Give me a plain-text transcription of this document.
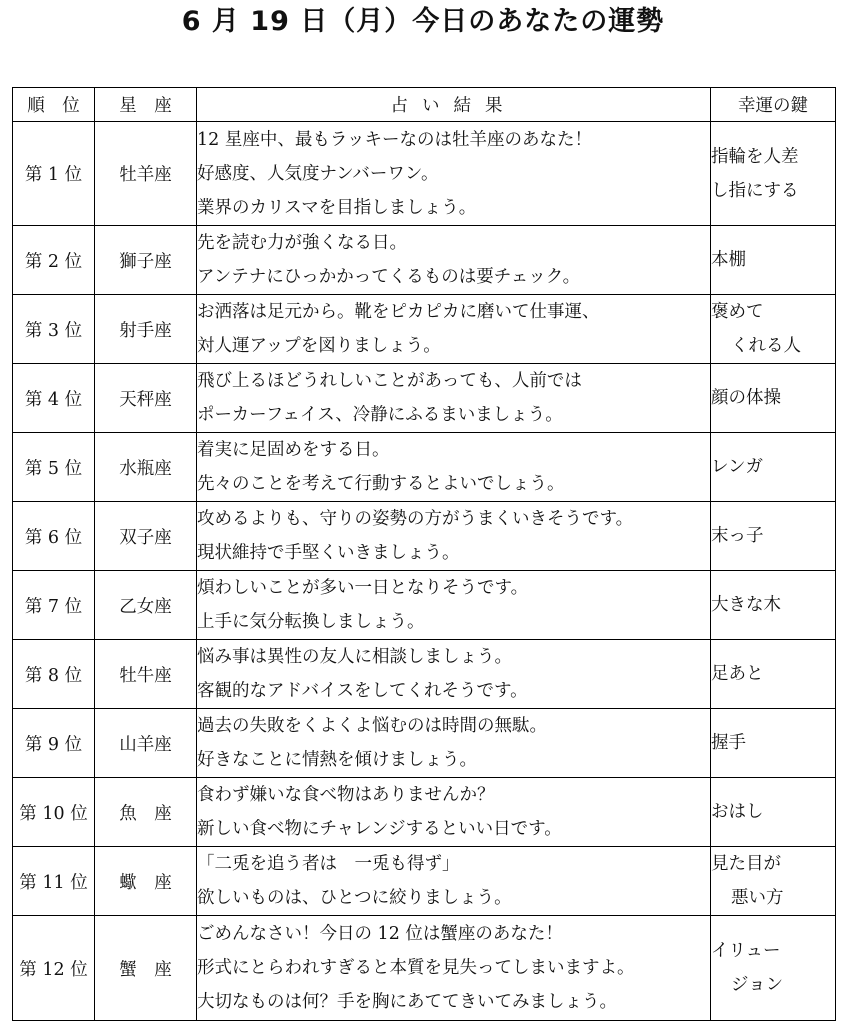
6 月 19 日（月）今日のあなたの運勢
順　位	星　座	占い結果	幸運の鍵
第 1 位	牡羊座	12 星座中、最もラッキーなのは牡羊座のあなた！
好感度、人気度ナンバーワン。
業界のカリスマを目指しましょう。	指輪を人差
し指にする

第 2 位	獅子座	先を読む力が強くなる日。
アンテナにひっかかってくるものは要チェック。	本棚

第 3 位	射手座	お洒落は足元から。靴をピカピカに磨いて仕事運、
対人運アップを図りましょう。	褒めて
くれる人

第 4 位	天秤座	飛び上るほどうれしいことがあっても、人前では
ポーカーフェイス、冷静にふるまいましょう。	顔の体操

第 5 位	水瓶座	着実に足固めをする日。
先々のことを考えて行動するとよいでしょう。	レンガ

第 6 位	双子座	攻めるよりも、守りの姿勢の方がうまくいきそうです。
現状維持で手堅くいきましょう。	末っ子

第 7 位	乙女座	煩わしいことが多い一日となりそうです。
上手に気分転換しましょう。	大きな木

第 8 位	牡牛座	悩み事は異性の友人に相談しましょう。
客観的なアドバイスをしてくれそうです。	足あと

第 9 位	山羊座	過去の失敗をくよくよ悩むのは時間の無駄。
好きなことに情熱を傾けましょう。	握手

第 10 位	魚　座	食わず嫌いな食べ物はありませんか？
新しい食べ物にチャレンジするといい日です。	おはし

第 11 位	蠍　座	「二兎を追う者は　一兎も得ず」
欲しいものは、ひとつに絞りましょう。	見た目が
悪い方

第 12 位	蟹　座	ごめんなさい！今日の 12 位は蟹座のあなた！
形式にとらわれすぎると本質を見失ってしまいますよ。
大切なものは何？手を胸にあててきいてみましょう。	イリュー
ジョン
